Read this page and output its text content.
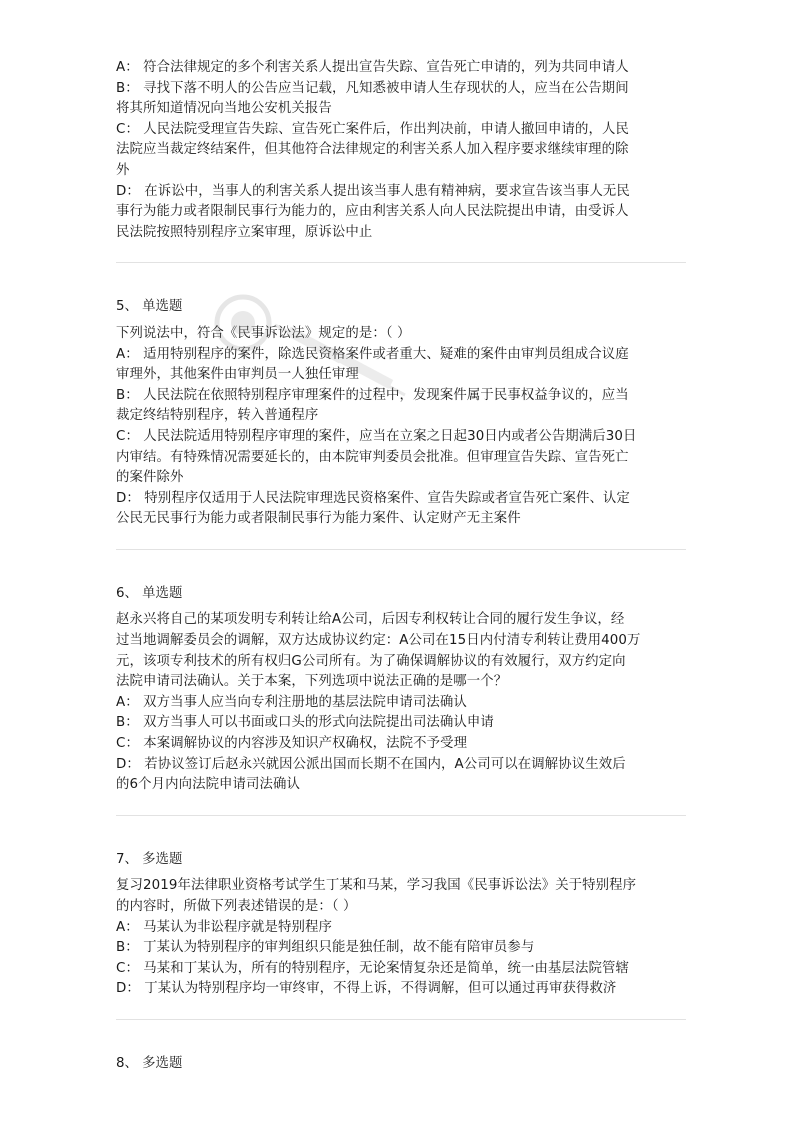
A： 符合法律规定的多个利害关系人提出宣告失踪、宣告死亡申请的，列为共同申请人
B： 寻找下落不明人的公告应当记载，凡知悉被申请人生存现状的人，应当在公告期间
将其所知道情况向当地公安机关报告
C： 人民法院受理宣告失踪、宣告死亡案件后，作出判决前，申请人撤回申请的，人民
法院应当裁定终结案件，但其他符合法律规定的利害关系人加入程序要求继续审理的除
外
D： 在诉讼中，当事人的利害关系人提出该当事人患有精神病，要求宣告该当事人无民
事行为能力或者限制民事行为能力的，应由利害关系人向人民法院提出申请，由受诉人
民法院按照特别程序立案审理，原诉讼中止
5、 单选题
下列说法中，符合《民事诉讼法》规定的是：（ ）
A： 适用特别程序的案件，除选民资格案件或者重大、疑难的案件由审判员组成合议庭
审理外，其他案件由审判员一人独任审理
B： 人民法院在依照特别程序审理案件的过程中，发现案件属于民事权益争议的，应当
裁定终结特别程序，转入普通程序
C： 人民法院适用特别程序审理的案件，应当在立案之日起30日内或者公告期满后30日
内审结。有特殊情况需要延长的，由本院审判委员会批准。但审理宣告失踪、宣告死亡
的案件除外
D： 特别程序仅适用于人民法院审理选民资格案件、宣告失踪或者宣告死亡案件、认定
公民无民事行为能力或者限制民事行为能力案件、认定财产无主案件
6、 单选题
赵永兴将自己的某项发明专利转让给A公司，后因专利权转让合同的履行发生争议，经
过当地调解委员会的调解，双方达成协议约定：A公司在15日内付清专利转让费用400万
元，该项专利技术的所有权归G公司所有。为了确保调解协议的有效履行，双方约定向
法院申请司法确认。关于本案，下列选项中说法正确的是哪一个？
A： 双方当事人应当向专利注册地的基层法院申请司法确认
B： 双方当事人可以书面或口头的形式向法院提出司法确认申请
C： 本案调解协议的内容涉及知识产权确权，法院不予受理
D： 若协议签订后赵永兴就因公派出国而长期不在国内，A公司可以在调解协议生效后
的6个月内向法院申请司法确认
7、 多选题
复习2019年法律职业资格考试学生丁某和马某，学习我国《民事诉讼法》关于特别程序
的内容时，所做下列表述错误的是：（ ）
A： 马某认为非讼程序就是特别程序
B： 丁某认为特别程序的审判组织只能是独任制，故不能有陪审员参与
C： 马某和丁某认为，所有的特别程序，无论案情复杂还是简单，统一由基层法院管辖
D： 丁某认为特别程序均一审终审，不得上诉，不得调解，但可以通过再审获得救济
8、 多选题
